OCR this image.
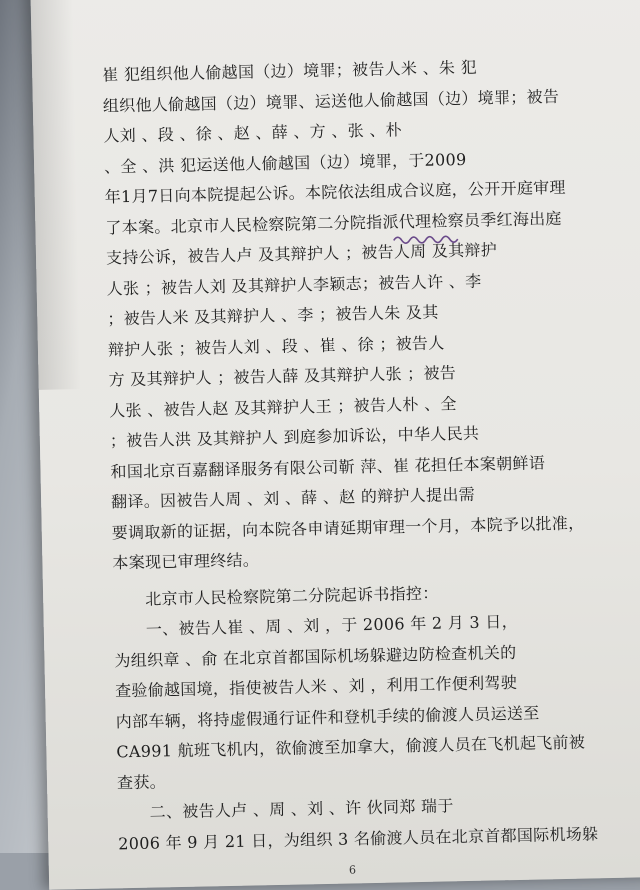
崔 犯组织他人偷越国（边）境罪；被告人米 、朱 犯
组织他人偷越国（边）境罪、运送他人偷越国（边）境罪；被告
人刘 、段 、徐 、赵 、薛 、方 、张 、朴
、全 、洪 犯运送他人偷越国（边）境罪，于2009
年1月7日向本院提起公诉。本院依法组成合议庭，公开开庭审理
了本案。北京市人民检察院第二分院指派代理检察员季红海出庭
支持公诉，被告人卢 及其辩护人 ；被告人周 及其辩护
人张 ；被告人刘 及其辩护人李颖志；被告人许 、李
；被告人米 及其辩护人 、李 ；被告人朱 及其
辩护人张 ；被告人刘 、段 、崔 、徐 ；被告人
方 及其辩护人 ；被告人薛 及其辩护人张 ；被告
人张 、被告人赵 及其辩护人王 ；被告人朴 、全
；被告人洪 及其辩护人 到庭参加诉讼，中华人民共
和国北京百嘉翻译服务有限公司靳 萍、崔 花担任本案朝鲜语
翻译。因被告人周 、刘 、薛 、赵 的辩护人提出需
要调取新的证据，向本院各申请延期审理一个月，本院予以批准，
本案现已审理终结。
北京市人民检察院第二分院起诉书指控：
一、被告人崔 、周 、刘 ，于 2006 年 2 月 3 日，
为组织章 、俞 在北京首都国际机场躲避边防检查机关的
查验偷越国境，指使被告人米 、刘 ，利用工作便利驾驶
内部车辆，将持虚假通行证件和登机手续的偷渡人员运送至
CA991 航班飞机内，欲偷渡至加拿大，偷渡人员在飞机起飞前被
查获。
二、被告人卢 、周 、刘 、许 伙同郑 瑞于
2006 年 9 月 21 日，为组织 3 名偷渡人员在北京首都国际机场躲
6
